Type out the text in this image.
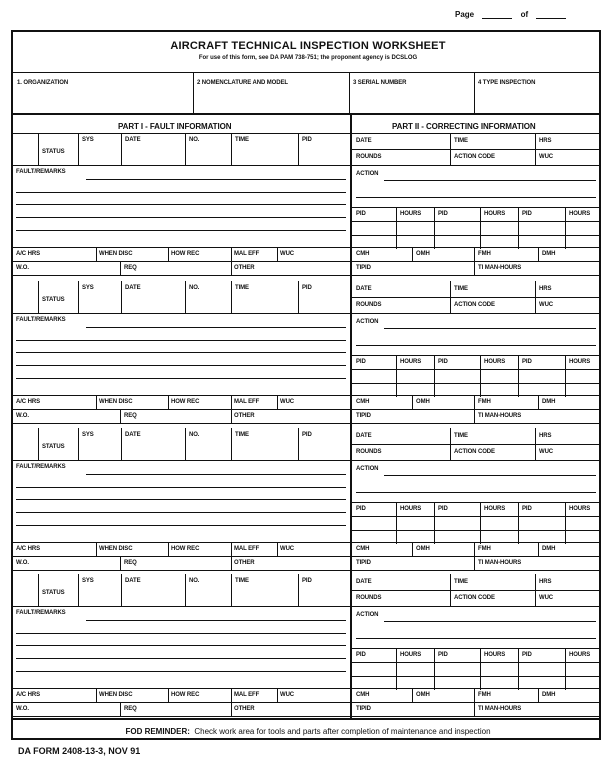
Page	of
AIRCRAFT TECHNICAL INSPECTION WORKSHEET
For use of this form, see DA PAM 738-751; the proponent agency is DCSLOG
1. ORGANIZATION	2 NOMENCLATURE AND MODEL	3 SERIAL NUMBER	4 TYPE INSPECTION
PART I - FAULT INFORMATION	PART II - CORRECTING INFORMATION
STATUS
SYS	DATE	NO.	TIME	PID
FAULT/REMARKS
A/C HRS	WHEN DISC	HOW REC	MAL EFF	WUC
W.O.	REQ	OTHER
DATE	TIME	HRS
ROUNDS	ACTION CODE	WUC
ACTION
PID	HOURS	PID	HOURS	PID	HOURS
CMH	OMH	FMH	DMH
TIPID	TI MAN-HOURS
STATUS
SYS	DATE	NO.	TIME	PID
FAULT/REMARKS
A/C HRS	WHEN DISC	HOW REC	MAL EFF	WUC
W.O.	REQ	OTHER
DATE	TIME	HRS
ROUNDS	ACTION CODE	WUC
ACTION
PID	HOURS	PID	HOURS	PID	HOURS
CMH	OMH	FMH	DMH
TIPID	TI MAN-HOURS
STATUS
SYS	DATE	NO.	TIME	PID
FAULT/REMARKS
A/C HRS	WHEN DISC	HOW REC	MAL EFF	WUC
W.O.	REQ	OTHER
DATE	TIME	HRS
ROUNDS	ACTION CODE	WUC
ACTION
PID	HOURS	PID	HOURS	PID	HOURS
CMH	OMH	FMH	DMH
TIPID	TI MAN-HOURS
STATUS
SYS	DATE	NO.	TIME	PID
FAULT/REMARKS
A/C HRS	WHEN DISC	HOW REC	MAL EFF	WUC
W.O.	REQ	OTHER
DATE	TIME	HRS
ROUNDS	ACTION CODE	WUC
ACTION
PID	HOURS	PID	HOURS	PID	HOURS
CMH	OMH	FMH	DMH
TIPID	TI MAN-HOURS
FOD REMINDER: Check work area for tools and parts after completion of maintenance and inspection
DA FORM 2408-13-3, NOV 91
